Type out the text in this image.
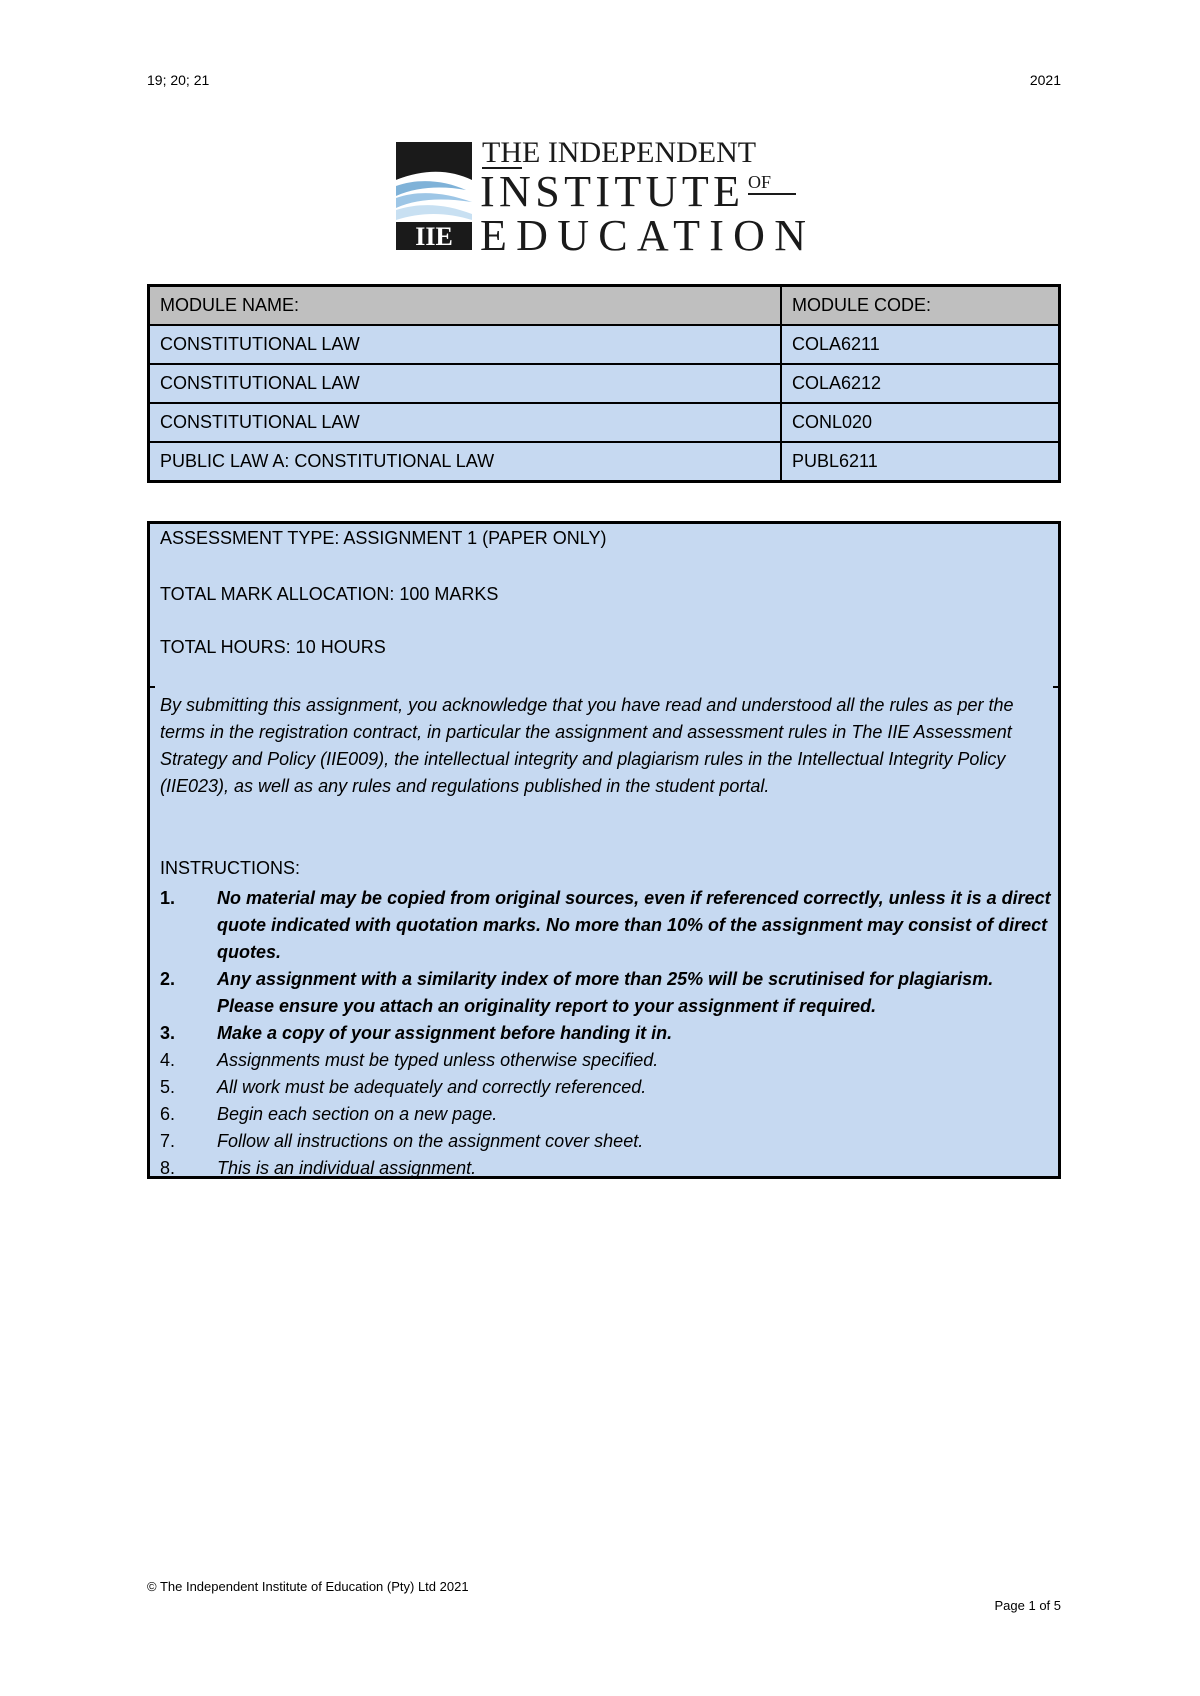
19; 20; 21	2021
IIE
THE INDEPENDENT
INSTITUTE OF
EDUCATION
MODULE NAME:	MODULE CODE:
CONSTITUTIONAL LAW	COLA6211
CONSTITUTIONAL LAW	COLA6212
CONSTITUTIONAL LAW	CONL020
PUBLIC LAW A: CONSTITUTIONAL LAW	PUBL6211
ASSESSMENT TYPE: ASSIGNMENT 1 (PAPER ONLY)
TOTAL MARK ALLOCATION: 100 MARKS
TOTAL HOURS: 10 HOURS
By submitting this assignment, you acknowledge that you have read and understood all the rules as per the terms in the registration contract, in particular the assignment and assessment rules in The IIE Assessment Strategy and Policy (IIE009), the intellectual integrity and plagiarism rules in the Intellectual Integrity Policy (IIE023), as well as any rules and regulations published in the student portal.
INSTRUCTIONS:
1.	No material may be copied from original sources, even if referenced correctly, unless it is a direct quote indicated with quotation marks. No more than 10% of the assignment may consist of direct quotes.
2.	Any assignment with a similarity index of more than 25% will be scrutinised for plagiarism. Please ensure you attach an originality report to your assignment if required.
3.	Make a copy of your assignment before handing it in.
4.	Assignments must be typed unless otherwise specified.
5.	All work must be adequately and correctly referenced.
6.	Begin each section on a new page.
7.	Follow all instructions on the assignment cover sheet.
8.	This is an individual assignment.
© The Independent Institute of Education (Pty) Ltd 2021
Page 1 of 5
